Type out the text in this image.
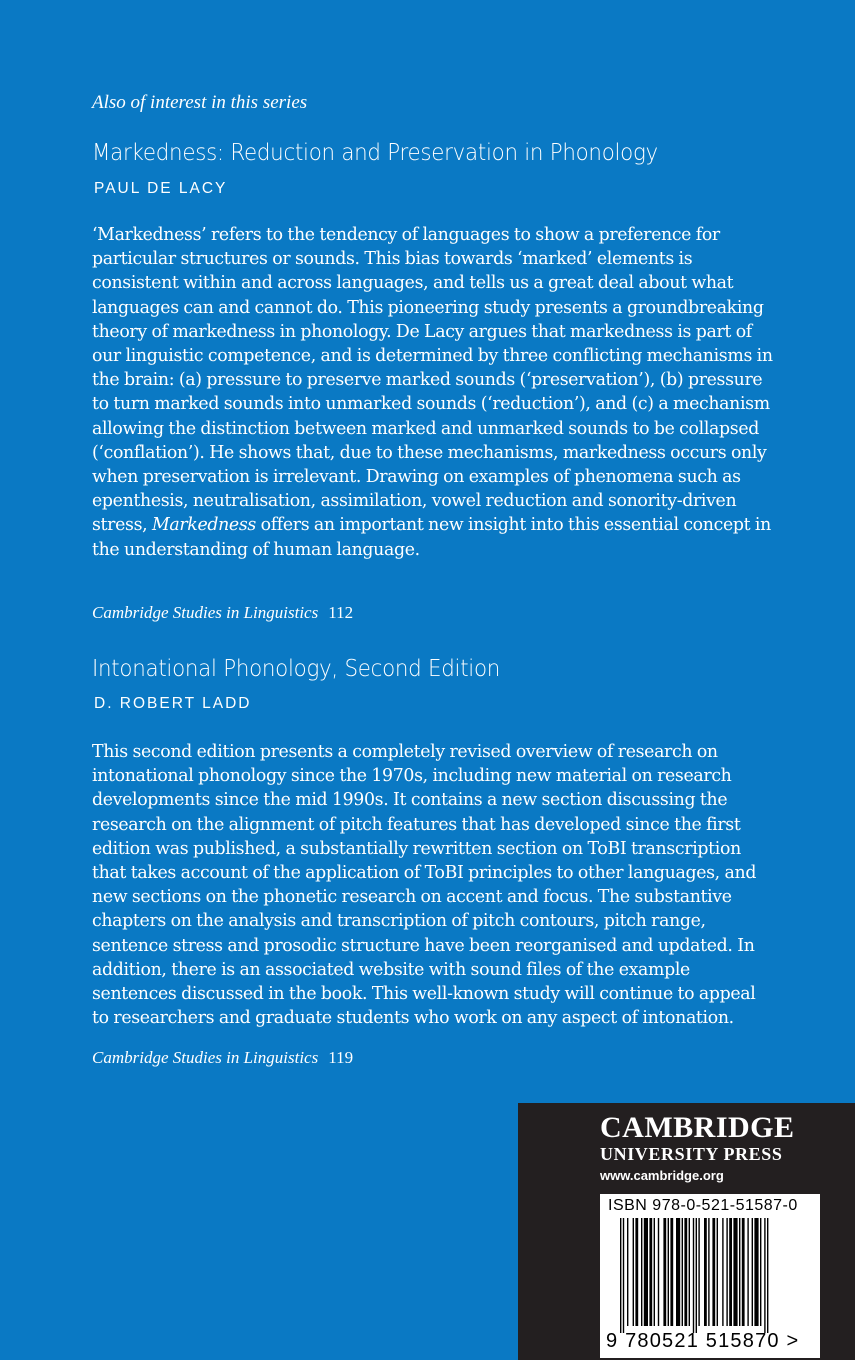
Also of interest in this series
Markedness: Reduction and Preservation in Phonology
PAUL DE LACY

‘Markedness’ refers to the tendency of languages to show a preference for particular structures or sounds. This bias towards ‘marked’ elements is consistent within and across languages, and tells us a great deal about what languages can and cannot do. This pioneering study presents a groundbreaking theory of markedness in phonology. De Lacy argues that markedness is part of our linguistic competence, and is determined by three conflicting mechanisms in the brain: (a) pressure to preserve marked sounds (‘preservation’), (b) pressure to turn marked sounds into unmarked sounds (‘reduction’), and (c) a mechanism allowing the distinction between marked and unmarked sounds to be collapsed (‘conflation’). He shows that, due to these mechanisms, markedness occurs only when preservation is irrelevant. Drawing on examples of phenomena such as epenthesis, neutralisation, assimilation, vowel reduction and sonority-driven stress, Markedness offers an important new insight into this essential concept in the understanding of human language.

Cambridge Studies in Linguistics 112
Intonational Phonology, Second Edition
D. ROBERT LADD

This second edition presents a completely revised overview of research on intonational phonology since the 1970s, including new material on research developments since the mid 1990s. It contains a new section discussing the research on the alignment of pitch features that has developed since the first edition was published, a substantially rewritten section on ToBI transcription that takes account of the application of ToBI principles to other languages, and new sections on the phonetic research on accent and focus. The substantive chapters on the analysis and transcription of pitch contours, pitch range, sentence stress and prosodic structure have been reorganised and updated. In addition, there is an associated website with sound files of the example sentences discussed in the book. This well-known study will continue to appeal to researchers and graduate students who work on any aspect of intonation.

Cambridge Studies in Linguistics 119
CAMBRIDGE
UNIVERSITY PRESS
www.cambridge.org
ISBN 978-0-521-51587-0
9 780521 515870 >
